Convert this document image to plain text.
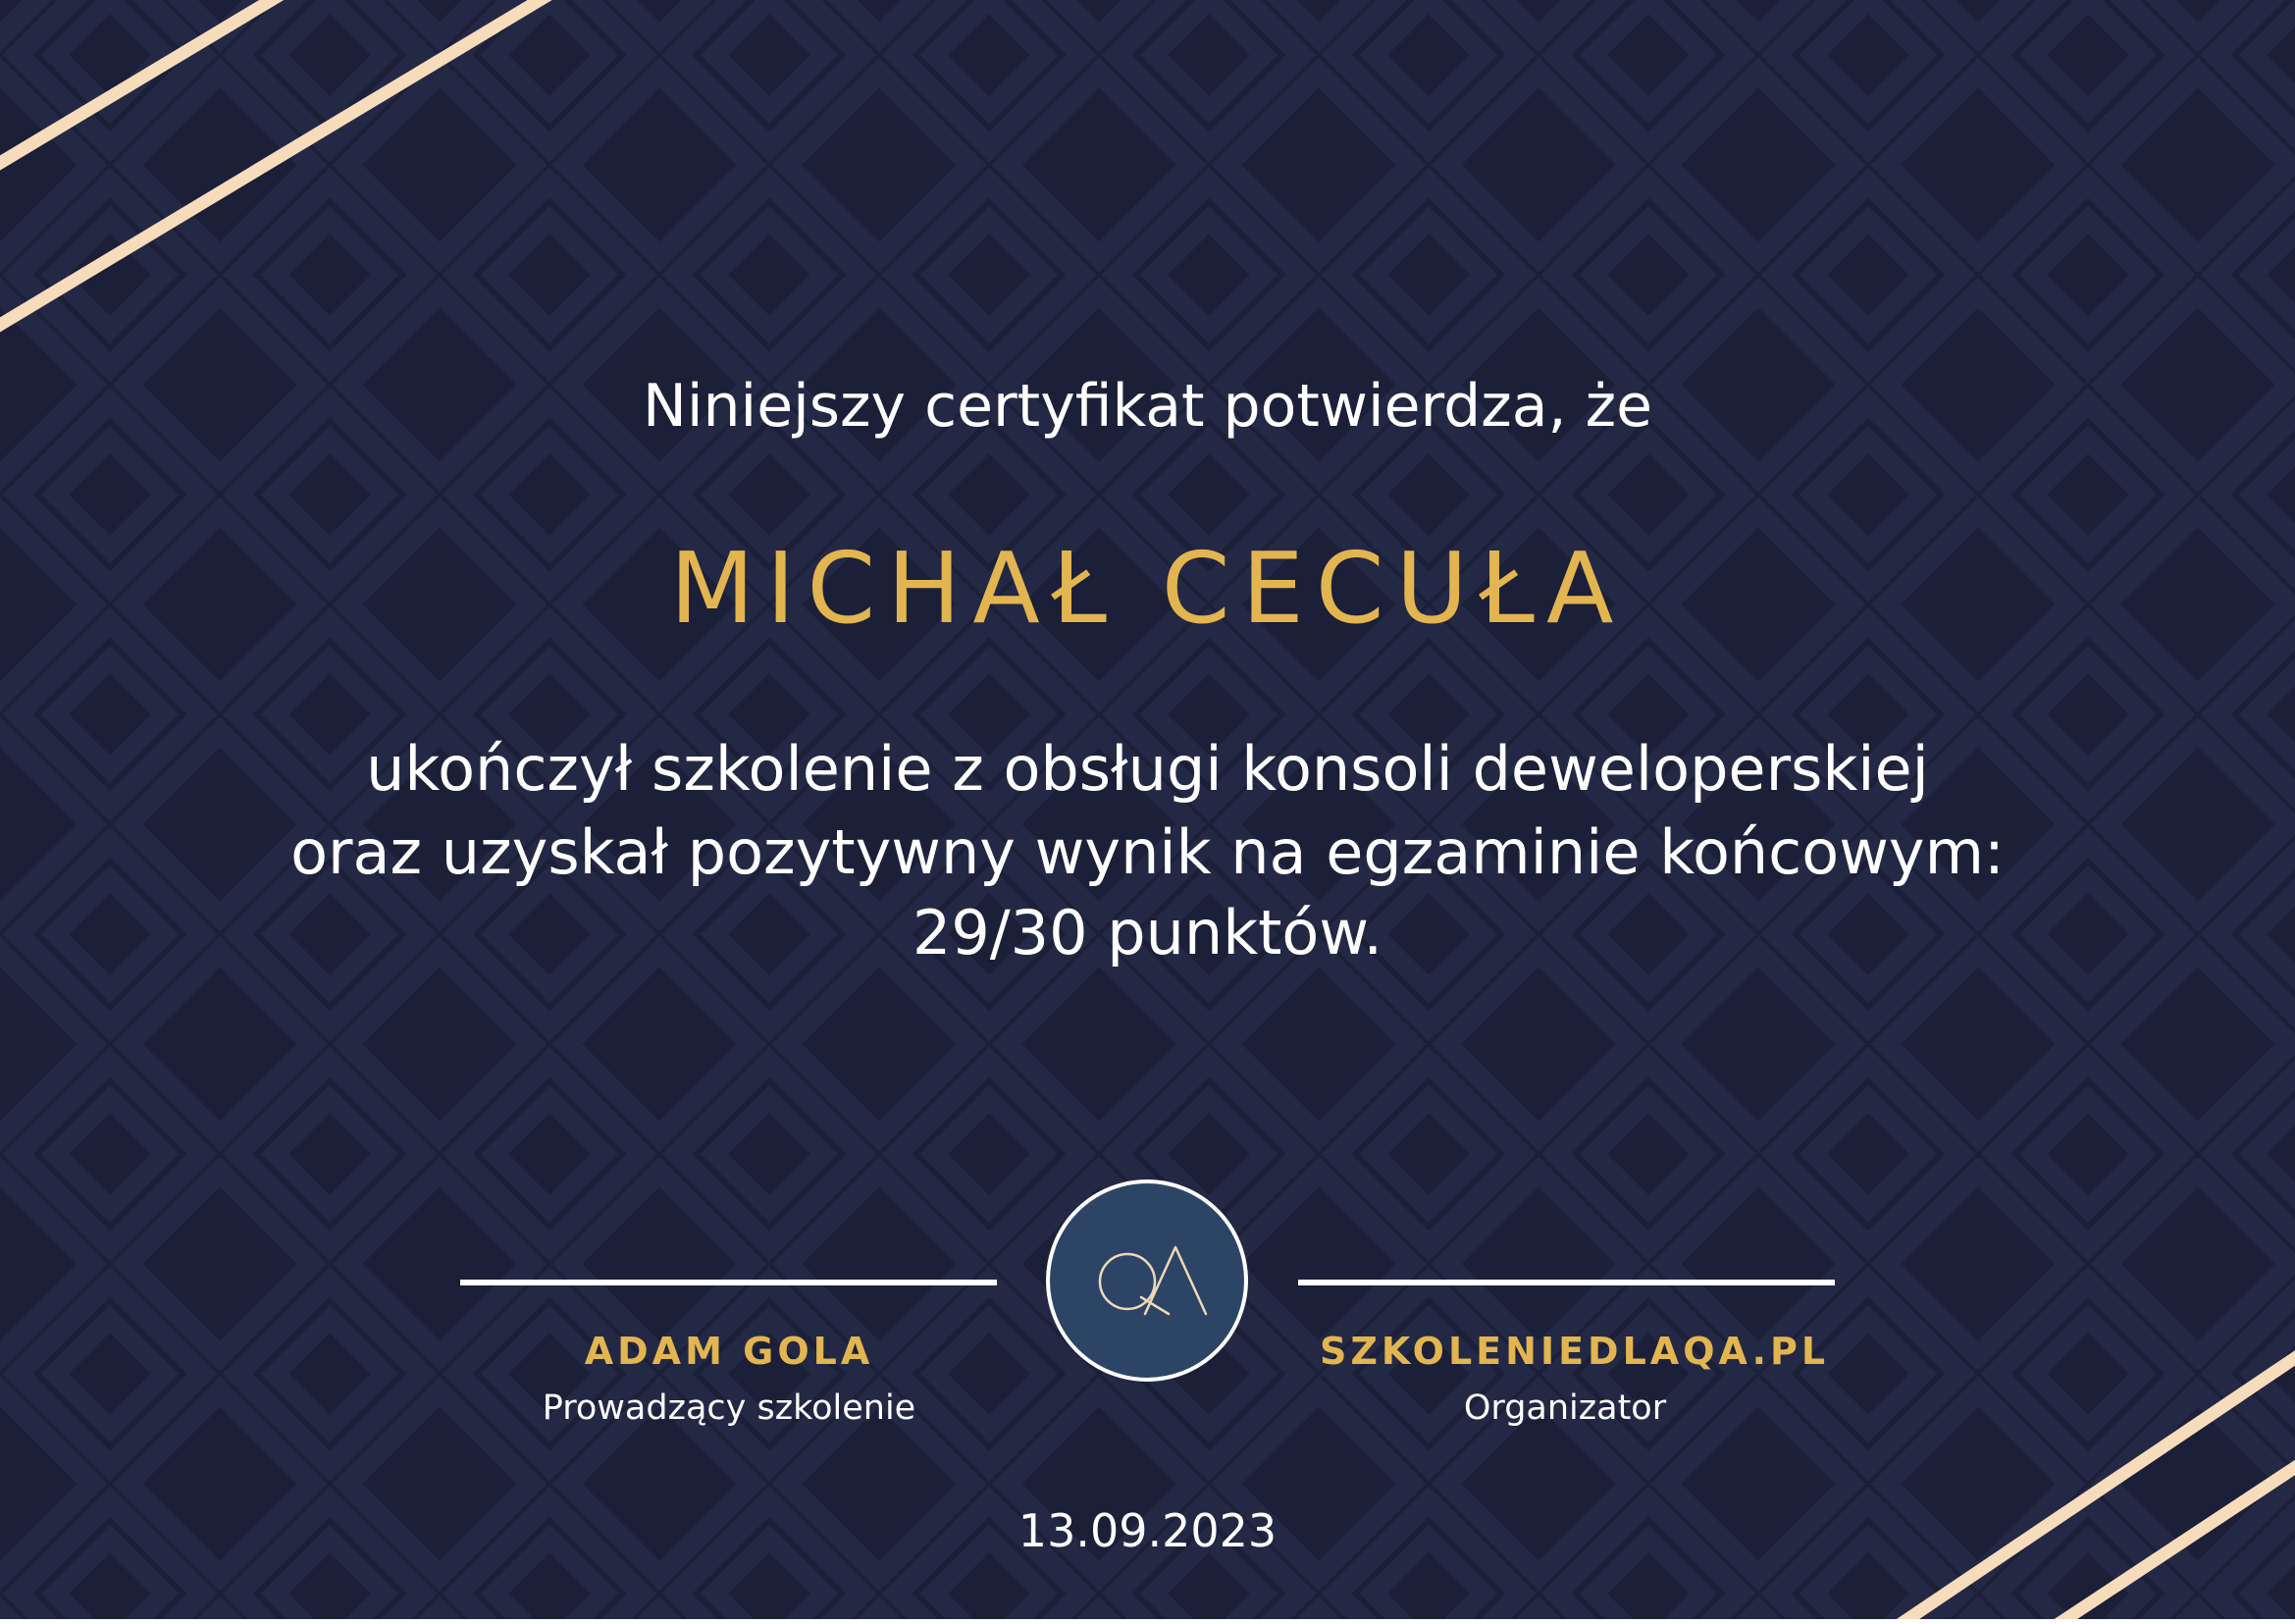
Niniejszy certyfikat potwierdza, że

MICHAŁ CECUŁA

ukończył szkolenie z obsługi konsoli deweloperskiej

oraz uzyskał pozytywny wynik na egzaminie końcowym:

29/30 punktów.

ADAM GOLA
Prowadzący szkolenie
SZKOLENIEDLAQA.PL
Organizator

13.09.2023
